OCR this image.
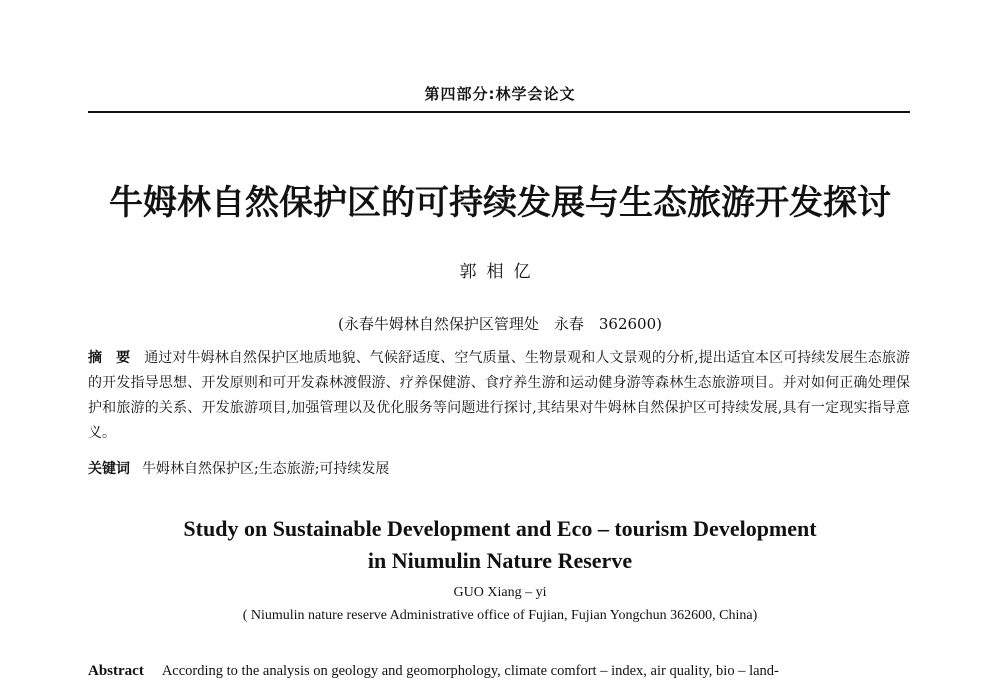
第四部分:林学会论文
牛姆林自然保护区的可持续发展与生态旅游开发探讨
郭相亿
(永春牛姆林自然保护区管理处　永春　362600)
摘要通过对牛姆林自然保护区地质地貌、气候舒适度、空气质量、生物景观和人文景观的分析,提出适宜本区可持续发展生态旅游的开发指导思想、开发原则和可开发森林渡假游、疗养保健游、食疗养生游和运动健身游等森林生态旅游项目。并对如何正确处理保护和旅游的关系、开发旅游项目,加强管理以及优化服务等问题进行探讨,其结果对牛姆林自然保护区可持续发展,具有一定现实指导意义。
关键词 牛姆林自然保护区;生态旅游;可持续发展
Study on Sustainable Development and Eco – tourism Development
in Niumulin Nature Reserve
GUO Xiang – yi
( Niumulin nature reserve Administrative office of Fujian, Fujian Yongchun 362600, China)
Abstract According to the analysis on geology and geomorphology, climate comfort – index, air quality, bio – land-
